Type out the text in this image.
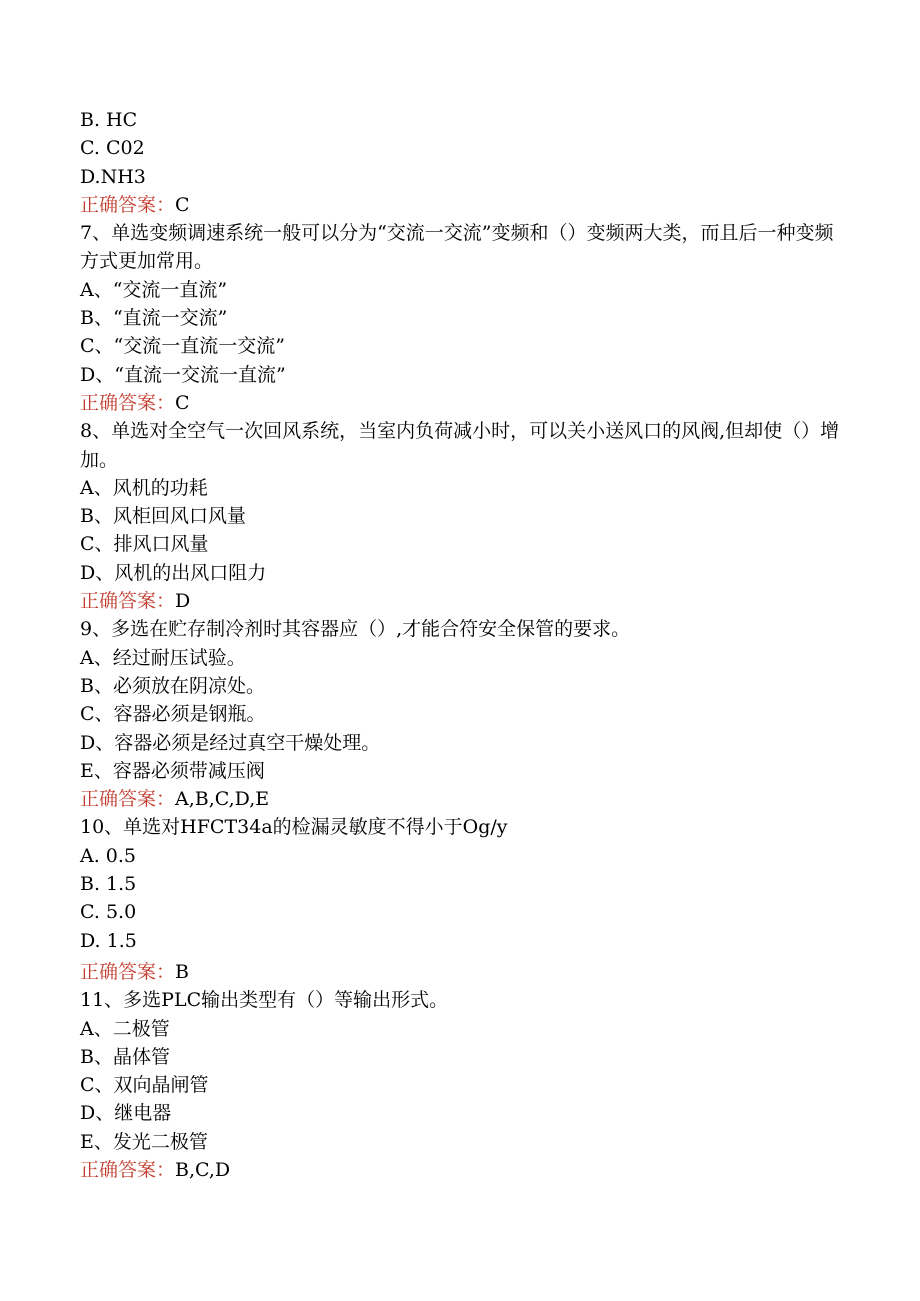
B. HC
C. C02
D.NH3
正确答案：C
7、单选变频调速系统一般可以分为“交流一交流”变频和（）变频两大类，而且后一种变频方式更加常用。
A、“交流一直流”
B、“直流一交流”
C、“交流一直流一交流”
D、“直流一交流一直流”
正确答案：C
8、单选对全空气一次回风系统，当室内负荷减小时，可以关小送风口的风阀,但却使（）增加。
A、风机的功耗
B、风柜回风口风量
C、排风口风量
D、风机的出风口阻力
正确答案：D
9、多选在贮存制冷剂时其容器应（）,才能合符安全保管的要求。
A、经过耐压试验。
B、必须放在阴凉处。
C、容器必须是钢瓶。
D、容器必须是经过真空干燥处理。
E、容器必须带减压阀
正确答案：A,B,C,D,E
10、单选对HFCT34a的检漏灵敏度不得小于Og/y
A. 0.5
B. 1.5
C. 5.0
D. 1.5
正确答案：B
11、多选PLC输出类型有（）等输出形式。
A、二极管
B、晶体管
C、双向晶闸管
D、继电器
E、发光二极管
正确答案：B,C,D
